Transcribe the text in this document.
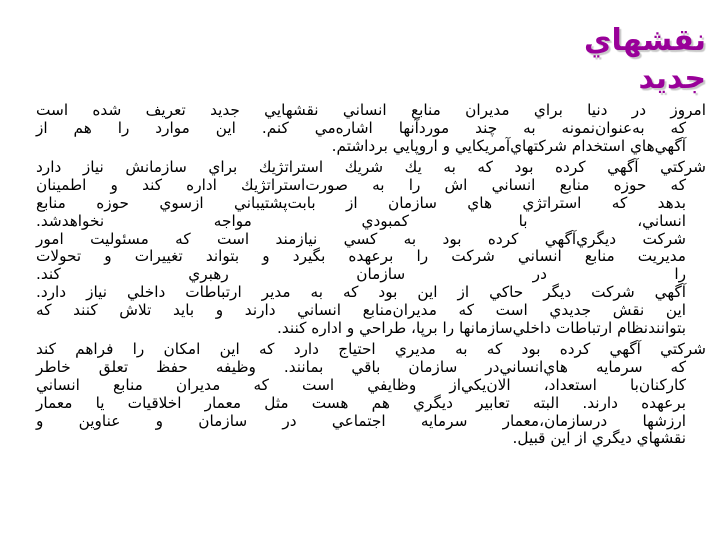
نقشهاي
جديد

امروز در دنيا براي مديران منابع انساني نقشهايي جديد تعريف شده است
كه به‌عنوان‌نمونه به چند مورد‌آنها اشاره‌مي كنم. اين موارد را هم از
آگهي‌هاي استخدام شركتهاي‌آمريكايي و اروپايي برداشتم.

شركتي آگهي كرده بود كه به يك شريك استراتژيك براي سازمانش نياز دارد
كه حوزه منابع انساني اش را به صورت‌استراتژيك اداره كند و اطمينان
بدهد كه استراتژي هاي سازمان از بابت‌پشتيباني از‌سوي حوزه منابع
انساني، با كمبودي مواجه نخواهدشد.
شركت ديگري‌آگهي كرده بود به كسي نيازمند است كه مسئوليت امور
مديريت منابع انساني شركت را برعهده بگيرد و بتواند تغييرات و تحولات
را در سازمان رهبري كند.
آگهي شركت ديگر حاكي از اين بود كه به مدير ارتباطات داخلي نياز دارد.
اين نقش جديدي است كه مديران‌منابع انساني دارند و بايد تلاش كنند كه
بتوانند‌نظام ارتباطات داخلي‌سازمانها را برپا، طراحي و اداره كنند.

شركتي آگهي كرده بود كه به مديري احتياج دارد كه اين امكان را فراهم كند
كه سرمايه هاي‌انساني‌در سازمان باقي بمانند. وظيفه حفظ تعلق خاطر
كاركنان‌با استعداد، الان‌يكي‌از وظايفي است كه مديران منابع انساني
برعهده دارند. البته تعابير ديگري هم هست مثل معمار اخلاقيات يا معمار
ارزشها در‌سازمان،‌معمار سرمايه اجتماعي در سازمان و عناوين و
نقشهاي ديگري از اين قبيل.
